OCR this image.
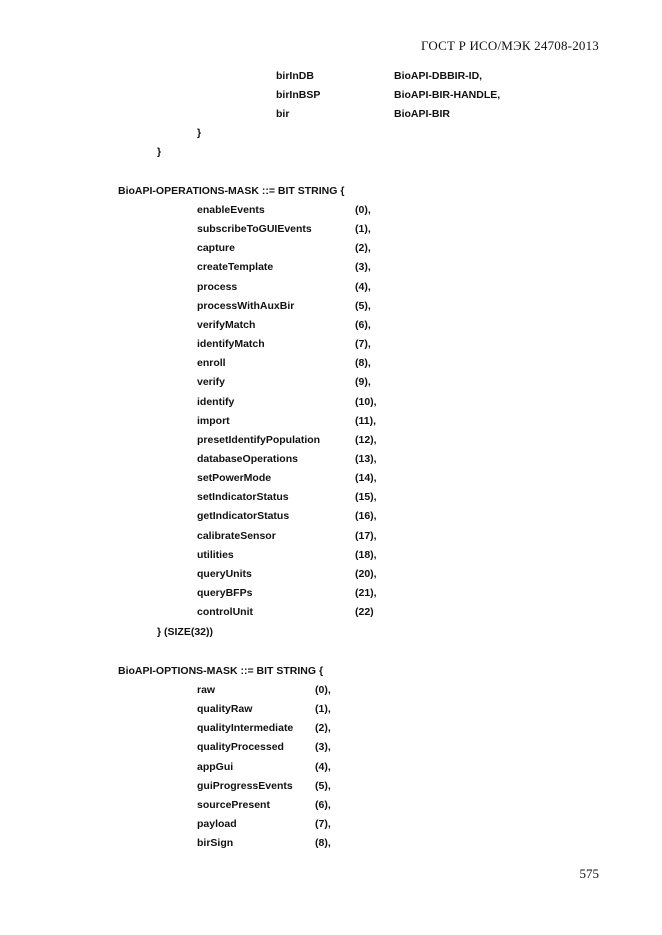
ГОСТ Р ИСО/МЭК 24708-2013
birInDB	BioAPI-DBBIR-ID,
birInBSP	BioAPI-BIR-HANDLE,
bir	BioAPI-BIR
}
}
BioAPI-OPERATIONS-MASK ::= BIT STRING {
enableEvents	(0),
subscribeToGUIEvents	(1),
capture	(2),
createTemplate	(3),
process	(4),
processWithAuxBir	(5),
verifyMatch	(6),
identifyMatch	(7),
enroll	(8),
verify	(9),
identify	(10),
import	(11),
presetIdentifyPopulation	(12),
databaseOperations	(13),
setPowerMode	(14),
setIndicatorStatus	(15),
getIndicatorStatus	(16),
calibrateSensor	(17),
utilities	(18),
queryUnits	(20),
queryBFPs	(21),
controlUnit	(22)
} (SIZE(32))
BioAPI-OPTIONS-MASK ::= BIT STRING {
raw	(0),
qualityRaw	(1),
qualityIntermediate (2),
qualityProcessed	(3),
appGui	(4),
guiProgressEvents (5),
sourcePresent	(6),
payload	(7),
birSign	(8),
575
